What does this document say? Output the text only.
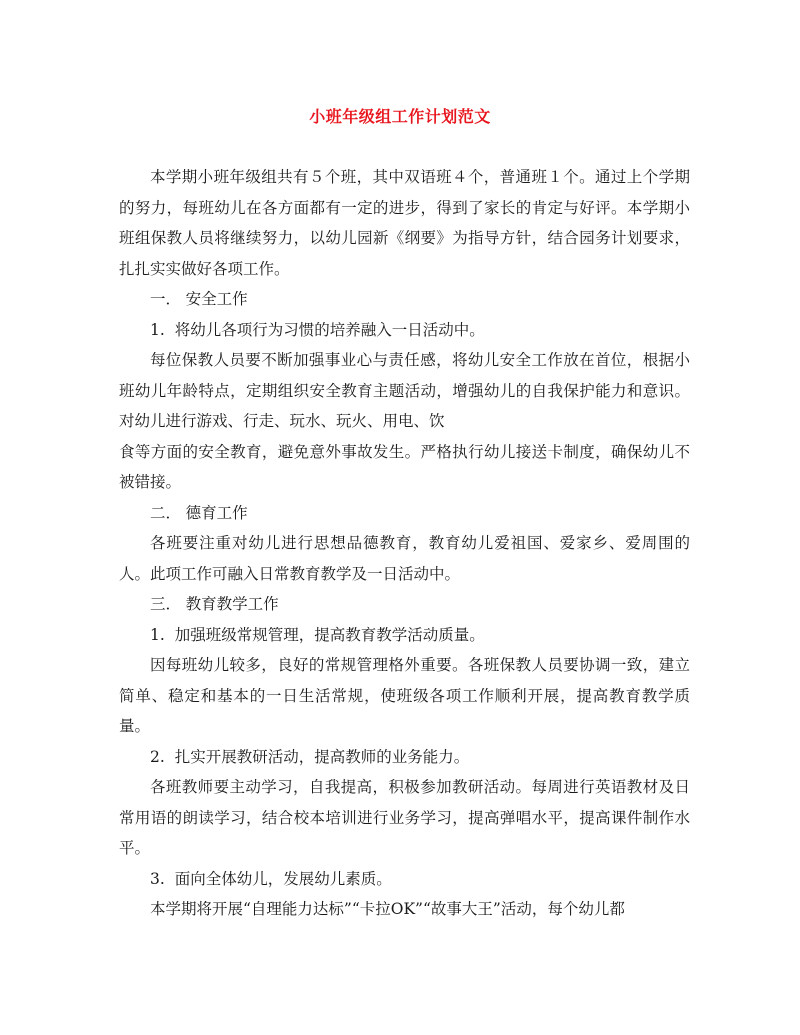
小班年级组工作计划范文

本学期小班年级组共有５个班，其中双语班４个，普通班１个。通过上个学期的努力，每班幼儿在各方面都有一定的进步，得到了家长的肯定与好评。本学期小班组保教人员将继续努力，以幼儿园新《纲要》为指导方针，结合园务计划要求，扎扎实实做好各项工作。

一． 安全工作

1. 将幼儿各项行为习惯的培养融入一日活动中。

每位保教人员要不断加强事业心与责任感，将幼儿安全工作放在首位，根据小班幼儿年龄特点，定期组织安全教育主题活动，增强幼儿的自我保护能力和意识。对幼儿进行游戏、行走、玩水、玩火、用电、饮

食等方面的安全教育，避免意外事故发生。严格执行幼儿接送卡制度，确保幼儿不被错接。

二． 德育工作

各班要注重对幼儿进行思想品德教育，教育幼儿爱祖国、爱家乡、爱周围的人。此项工作可融入日常教育教学及一日活动中。

三． 教育教学工作

1. 加强班级常规管理，提高教育教学活动质量。

因每班幼儿较多，良好的常规管理格外重要。各班保教人员要协调一致，建立简单、稳定和基本的一日生活常规，使班级各项工作顺利开展，提高教育教学质量。

2. 扎实开展教研活动，提高教师的业务能力。

各班教师要主动学习，自我提高，积极参加教研活动。每周进行英语教材及日常用语的朗读学习，结合校本培训进行业务学习，提高弹唱水平，提高课件制作水平。

3. 面向全体幼儿，发展幼儿素质。

本学期将开展“自理能力达标”“卡拉OK”“故事大王”活动，每个幼儿都
